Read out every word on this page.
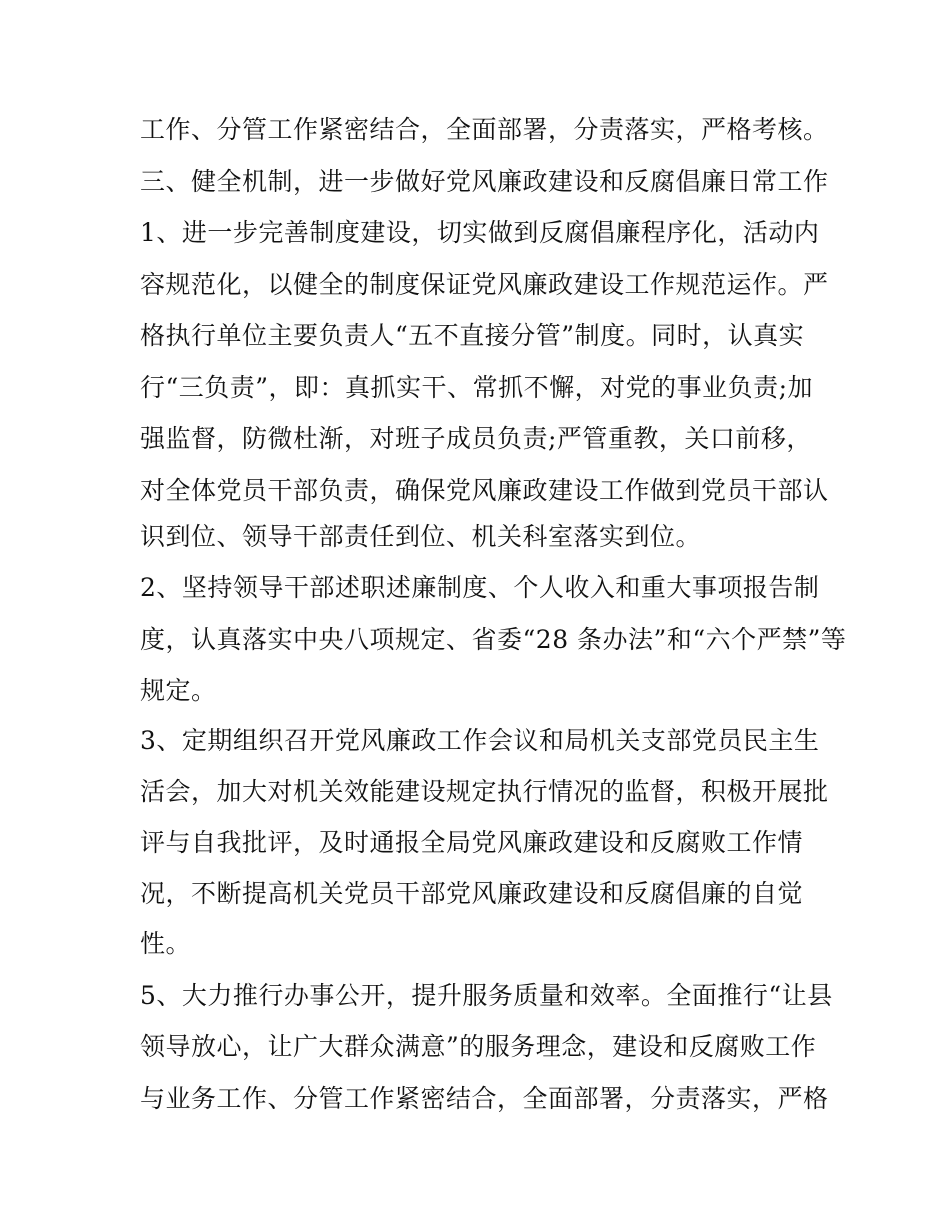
工作、分管工作紧密结合，全面部署，分责落实，严格考核。
三、健全机制，进一步做好党风廉政建设和反腐倡廉日常工作
1、进一步完善制度建设，切实做到反腐倡廉程序化，活动内
容规范化，以健全的制度保证党风廉政建设工作规范运作。严
格执行单位主要负责人“五不直接分管”制度。同时，认真实
行“三负责”，即：真抓实干、常抓不懈，对党的事业负责;加
强监督，防微杜渐，对班子成员负责;严管重教，关口前移，
对全体党员干部负责，确保党风廉政建设工作做到党员干部认
识到位、领导干部责任到位、机关科室落实到位。
2、坚持领导干部述职述廉制度、个人收入和重大事项报告制
度，认真落实中央八项规定、省委“28 条办法”和“六个严禁”等
规定。
3、定期组织召开党风廉政工作会议和局机关支部党员民主生
活会，加大对机关效能建设规定执行情况的监督，积极开展批
评与自我批评，及时通报全局党风廉政建设和反腐败工作情
况，不断提高机关党员干部党风廉政建设和反腐倡廉的自觉
性。
5、大力推行办事公开，提升服务质量和效率。全面推行“让县
领导放心，让广大群众满意”的服务理念，建设和反腐败工作
与业务工作、分管工作紧密结合，全面部署，分责落实，严格
